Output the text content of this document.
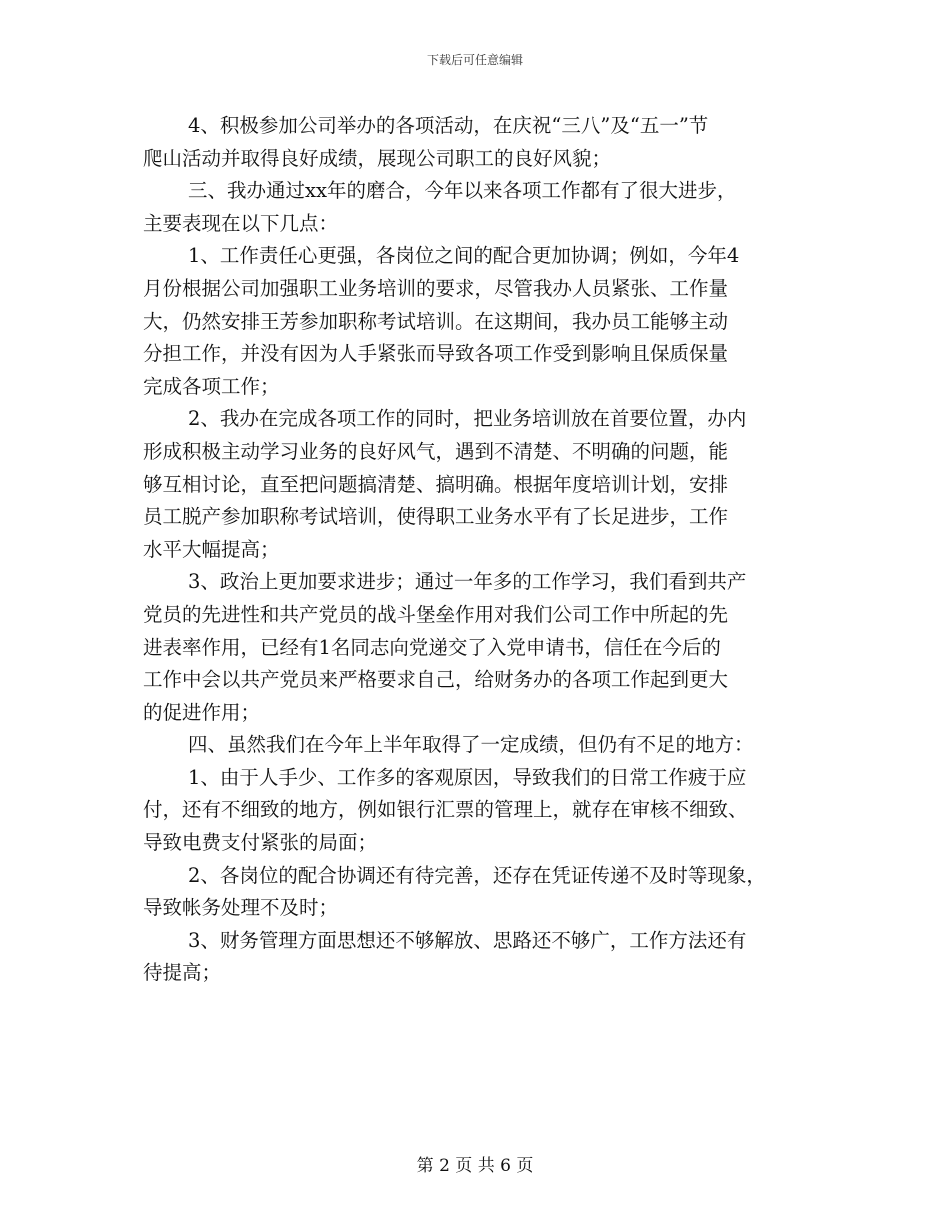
下载后可任意编辑
4、积极参加公司举办的各项活动，在庆祝“三八”及“五一”节
爬山活动并取得良好成绩，展现公司职工的良好风貌；
三、我办通过xx年的磨合，今年以来各项工作都有了很大进步，
主要表现在以下几点：
1、工作责任心更强，各岗位之间的配合更加协调；例如，今年4
月份根据公司加强职工业务培训的要求，尽管我办人员紧张、工作量
大，仍然安排王芳参加职称考试培训。在这期间，我办员工能够主动
分担工作，并没有因为人手紧张而导致各项工作受到影响且保质保量
完成各项工作；
2、我办在完成各项工作的同时，把业务培训放在首要位置，办内
形成积极主动学习业务的良好风气，遇到不清楚、不明确的问题，能
够互相讨论，直至把问题搞清楚、搞明确。根据年度培训计划，安排
员工脱产参加职称考试培训，使得职工业务水平有了长足进步，工作
水平大幅提高；
3、政治上更加要求进步；通过一年多的工作学习，我们看到共产
党员的先进性和共产党员的战斗堡垒作用对我们公司工作中所起的先
进表率作用，已经有1名同志向党递交了入党申请书，信任在今后的
工作中会以共产党员来严格要求自己，给财务办的各项工作起到更大
的促进作用；
四、虽然我们在今年上半年取得了一定成绩，但仍有不足的地方：
1、由于人手少、工作多的客观原因，导致我们的日常工作疲于应
付，还有不细致的地方，例如银行汇票的管理上，就存在审核不细致、
导致电费支付紧张的局面；
2、各岗位的配合协调还有待完善，还存在凭证传递不及时等现象，
导致帐务处理不及时；
3、财务管理方面思想还不够解放、思路还不够广，工作方法还有
待提高；
第 2 页 共 6 页
